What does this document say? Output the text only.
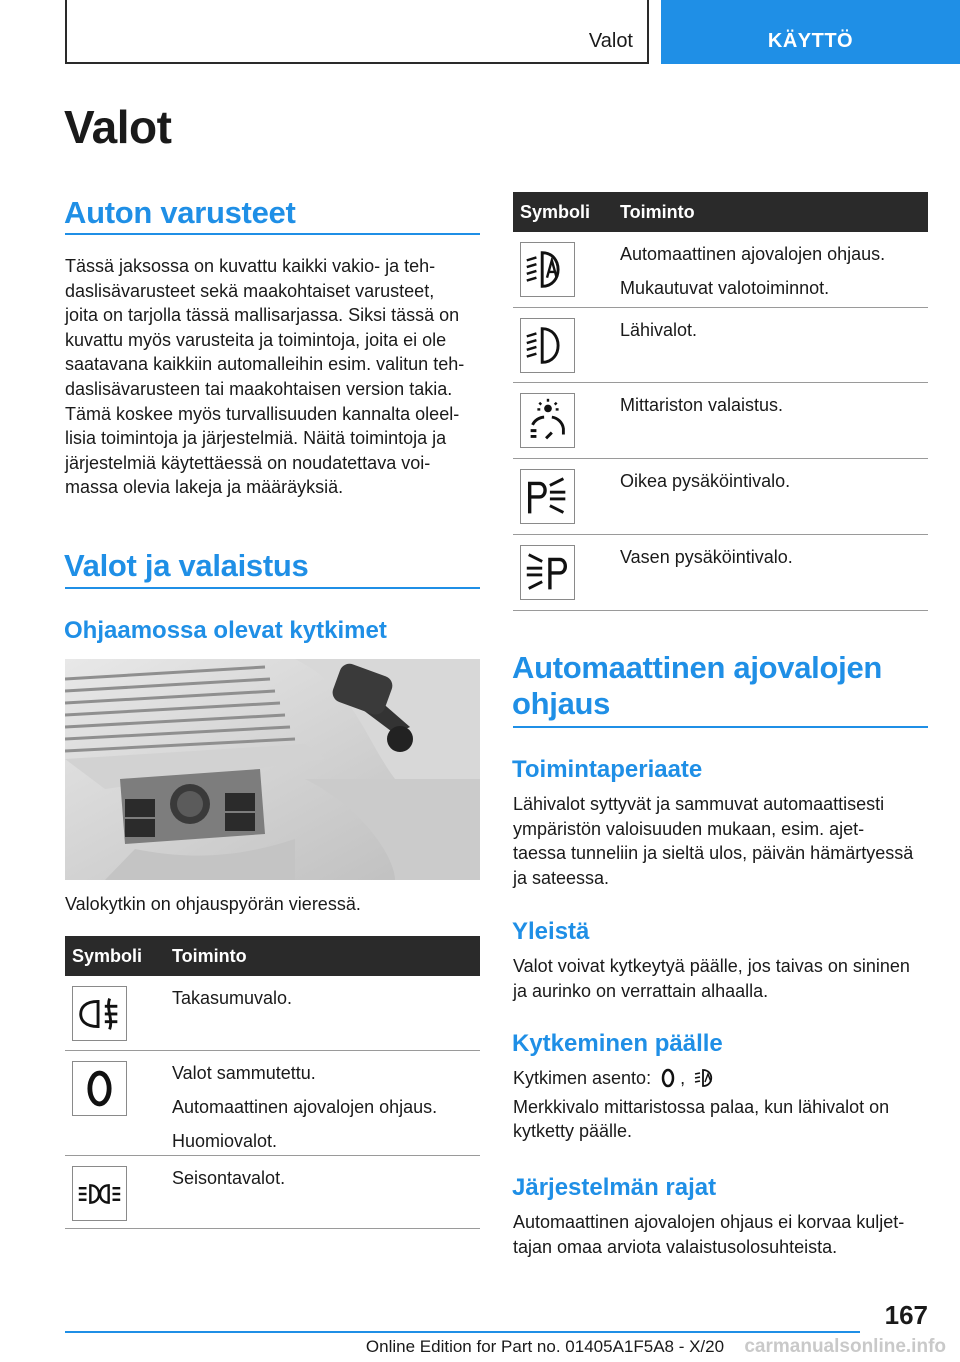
Valot	KÄYTTÖ
Valot
Auton varusteet
Tässä jaksossa on kuvattu kaikki vakio- ja teh-
daslisävarusteet sekä maakohtaiset varusteet,
joita on tarjolla tässä mallisarjassa. Siksi tässä on
kuvattu myös varusteita ja toimintoja, joita ei ole
saatavana kaikkiin automalleihin esim. valitun teh-
daslisävarusteen tai maakohtaisen version takia.
Tämä koskee myös turvallisuuden kannalta oleel-
lisia toimintoja ja järjestelmiä. Näitä toimintoja ja
järjestelmiä käytettäessä on noudatettava voi-
massa olevia lakeja ja määräyksiä.
Valot ja valaistus
Ohjaamossa olevat kytkimet
Valokytkin on ohjauspyörän vieressä.
Symboli Toiminto

Takasumuvalo.

Valot sammutettu.

Automaattinen ajovalojen ohjaus.

Huomiovalot.

Seisontavalot.

Symboli Toiminto

Automaattinen ajovalojen ohjaus.

Mukautuvat valotoiminnot.

Lähivalot.

Mittariston valaistus.

Oikea pysäköintivalo.

Vasen pysäköintivalo.

Automaattinen ajovalojen
ohjaus
Toimintaperiaate
Lähivalot syttyvät ja sammuvat automaattisesti
ympäristön valoisuuden mukaan, esim. ajet-
taessa tunneliin ja sieltä ulos, päivän hämärtyessä
ja sateessa.
Yleistä
Valot voivat kytkeytyä päälle, jos taivas on sininen
ja aurinko on verrattain alhaalla.
Kytkeminen päälle
Kytkimen asento: ,
Merkkivalo mittaristossa palaa, kun lähivalot on
kytketty päälle.
Järjestelmän rajat
Automaattinen ajovalojen ohjaus ei korvaa kuljet-
tajan omaa arviota valaistusolosuhteista.
167
Online Edition for Part no. 01405A1F5A8 - X/20	carmanualsonline.info
